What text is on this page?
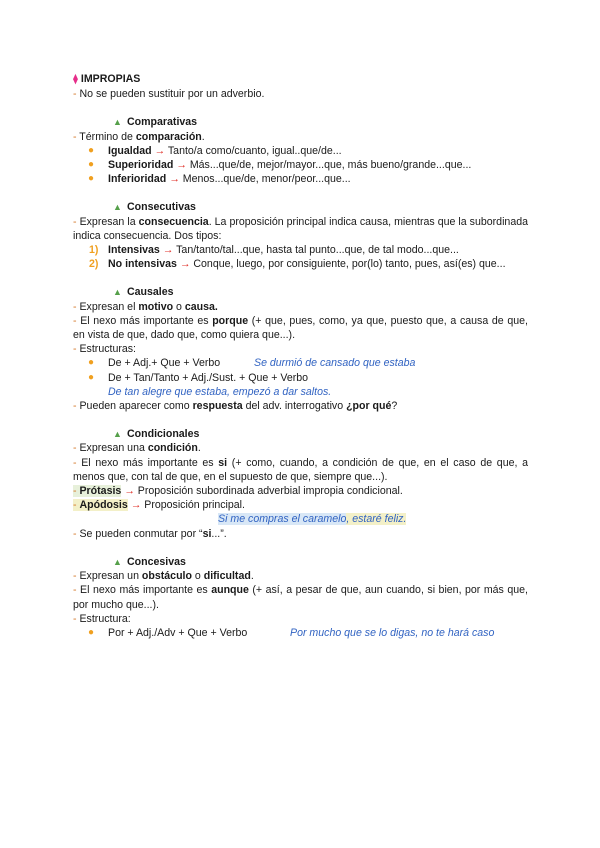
⧫ IMPROPIAS
- No se pueden sustituir por un adverbio.
▲ Comparativas
- Término de comparación.
● Igualdad → Tanto/a como/cuanto, igual..que/de...
● Superioridad → Más...que/de, mejor/mayor...que, más bueno/grande...que...
● Inferioridad → Menos...que/de, menor/peor...que...
▲ Consecutivas
- Expresan la consecuencia. La proposición principal indica causa, mientras que la subordinada indica consecuencia. Dos tipos:
1) Intensivas → Tan/tanto/tal...que, hasta tal punto...que, de tal modo...que...
2) No intensivas → Conque, luego, por consiguiente, por(lo) tanto, pues, así(es) que...
▲ Causales
- Expresan el motivo o causa.
- El nexo más importante es porque (+ que, pues, como, ya que, puesto que, a causa de que, en vista de que, dado que, como quiera que...).
- Estructuras:
● De + Adj.+ Que + Verbo	Se durmió de cansado que estaba
● De + Tan/Tanto + Adj./Sust. + Que + Verbo
De tan alegre que estaba, empezó a dar saltos.
- Pueden aparecer como respuesta del adv. interrogativo ¿por qué?
▲ Condicionales
- Expresan una condición.
- El nexo más importante es si (+ como, cuando, a condición de que, en el caso de que, a menos que, con tal de que, en el supuesto de que, siempre que...).
- Prótasis → Proposición subordinada adverbial impropia condicional.
- Apódosis → Proposición principal.
Si me compras el caramelo, estaré feliz.
- Se pueden conmutar por “si...”.
▲ Concesivas
- Expresan un obstáculo o dificultad.
- El nexo más importante es aunque (+ así, a pesar de que, aun cuando, si bien, por más que, por mucho que...).
- Estructura:
● Por + Adj./Adv + Que + Verbo	Por mucho que se lo digas, no te hará caso
